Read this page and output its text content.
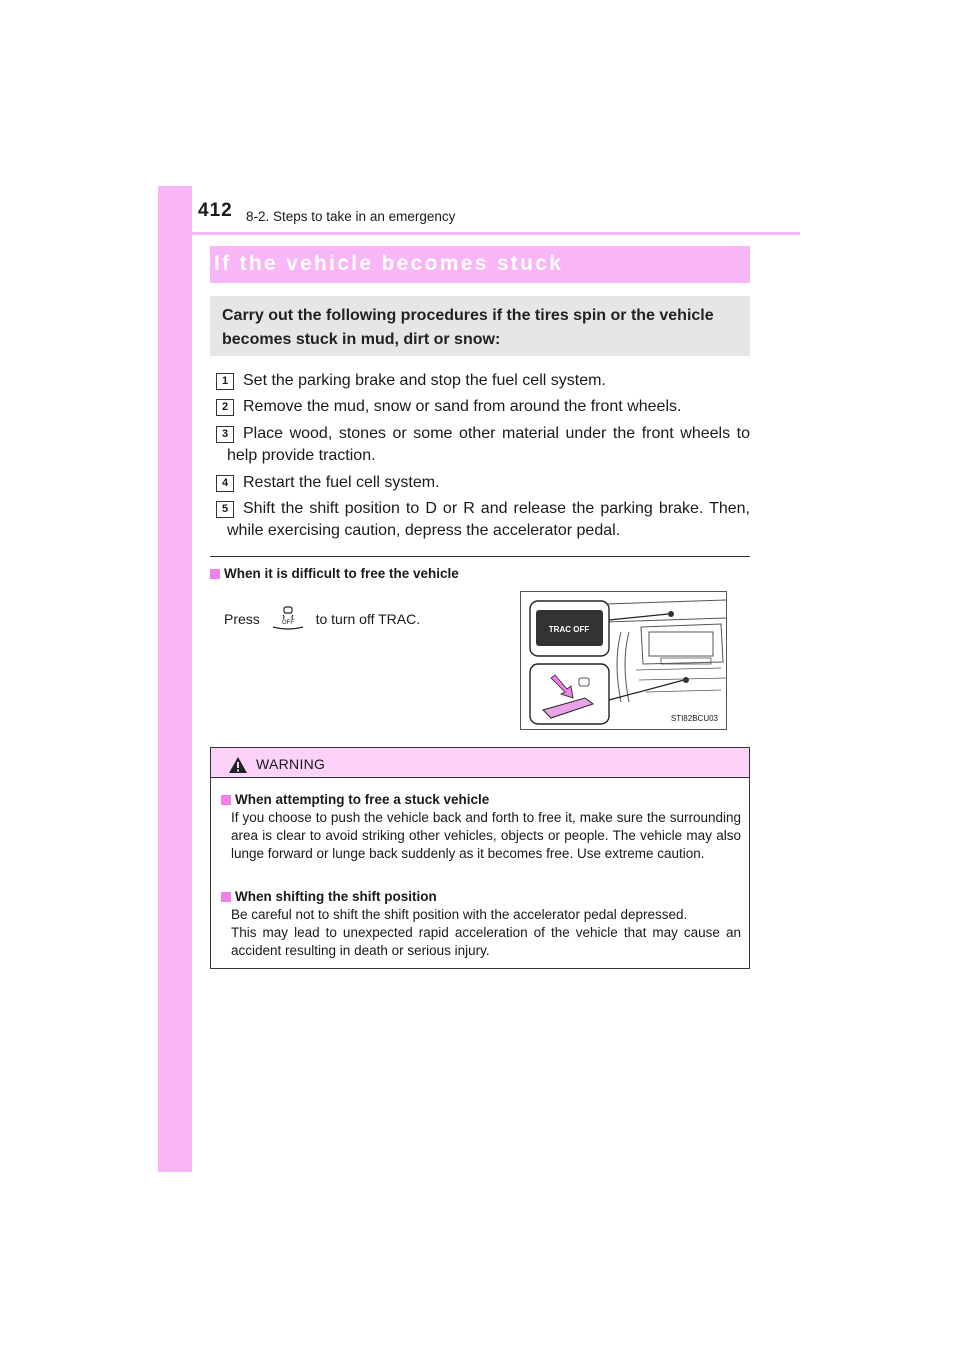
412 8-2. Steps to take in an emergency
If the vehicle becomes stuck
Carry out the following procedures if the tires spin or the vehicle becomes stuck in mud, dirt or snow:
1 Set the parking brake and stop the fuel cell system.
2 Remove the mud, snow or sand from around the front wheels.
3 Place wood, stones or some other material under the front wheels to help provide traction.
4 Restart the fuel cell system.
5 Shift the shift position to D or R and release the parking brake. Then, while exercising caution, depress the accelerator pedal.
When it is difficult to free the vehicle
Press	OFF to turn off TRAC.
TRAC OFF
STI82BCU03
WARNING
When attempting to free a stuck vehicle
If you choose to push the vehicle back and forth to free it, make sure the surrounding area is clear to avoid striking other vehicles, objects or people. The vehicle may also lunge forward or lunge back suddenly as it becomes free. Use extreme caution.
When shifting the shift position
Be careful not to shift the shift position with the accelerator pedal depressed.
This may lead to unexpected rapid acceleration of the vehicle that may cause an accident resulting in death or serious injury.
